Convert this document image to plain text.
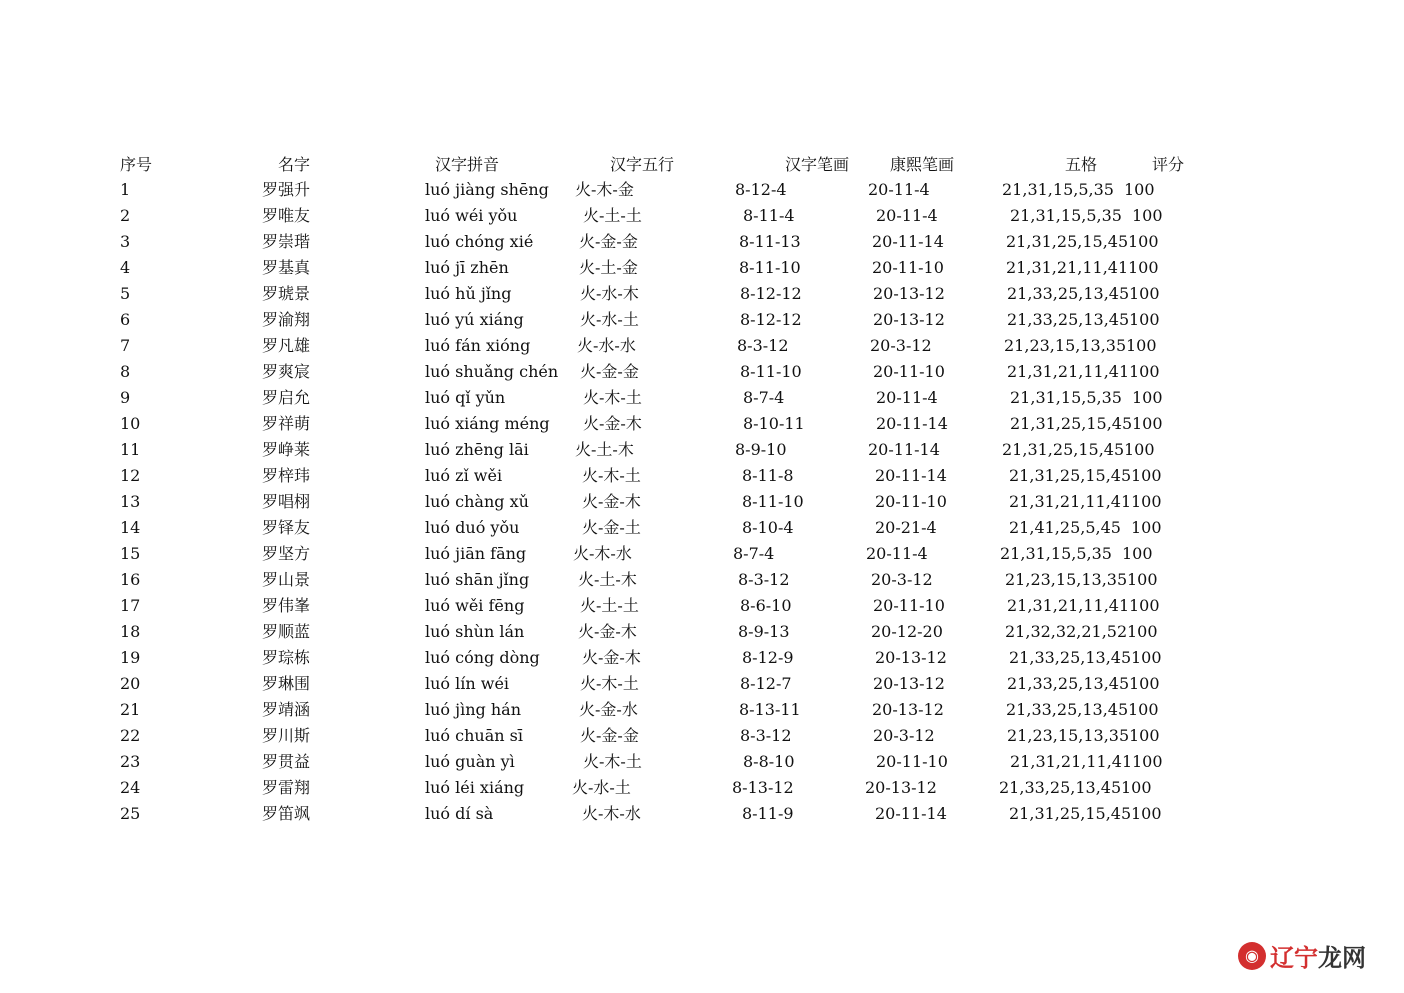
序号	名字	汉字拼音	汉字五行	汉字笔画	康熙笔画	五格	评分
1	罗强升	luó jiàng shēng 火-木-金	8-12-4	20-11-4	21,31,15,5,35 100
2	罗唯友	luó wéi yǒu	火-土-土	8-11-4	20-11-4	21,31,15,5,35 100
3	罗崇瑎	luó chóng xié	火-金-金	8-11-13	20-11-14	21,31,25,15,45 100
4	罗基真	luó jī zhēn	火-土-金	8-11-10	20-11-10	21,31,21,11,41 100
5	罗琥景	luó hǔ jǐng	火-水-木	8-12-12	20-13-12	21,33,25,13,45 100
6	罗渝翔	luó yú xiáng	火-水-土	8-12-12	20-13-12	21,33,25,13,45 100
7	罗凡雄	luó fán xióng	火-水-水	8-3-12	20-3-12	21,23,15,13,35 100
8	罗爽宸	luó shuǎng chén 火-金-金	8-11-10	20-11-10	21,31,21,11,41 100
9	罗启允	luó qǐ yǔn	火-木-土	8-7-4	20-11-4	21,31,15,5,35 100
10	罗祥萌	luó xiáng méng 火-金-木	8-10-11	20-11-14	21,31,25,15,45 100
11	罗峥莱	luó zhēng lāi	火-土-木	8-9-10	20-11-14	21,31,25,15,45 100
12	罗梓玮	luó zǐ wěi	火-木-土	8-11-8	20-11-14	21,31,25,15,45 100
13	罗唱栩	luó chàng xǔ	火-金-木	8-11-10	20-11-10	21,31,21,11,41 100
14	罗铎友	luó duó yǒu	火-金-土	8-10-4	20-21-4	21,41,25,5,45 100
15	罗坚方	luó jiān fāng	火-木-水	8-7-4	20-11-4	21,31,15,5,35 100
16	罗山景	luó shān jǐng	火-土-木	8-3-12	20-3-12	21,23,15,13,35 100
17	罗伟峯	luó wěi fēng	火-土-土	8-6-10	20-11-10	21,31,21,11,41 100
18	罗顺蓝	luó shùn lán	火-金-木	8-9-13	20-12-20	21,32,32,21,52 100
19	罗琮栋	luó cóng dòng	火-金-木	8-12-9	20-13-12	21,33,25,13,45 100
20	罗琳围	luó lín wéi	火-木-土	8-12-7	20-13-12	21,33,25,13,45 100
21	罗靖涵	luó jìng hán	火-金-水	8-13-11	20-13-12	21,33,25,13,45 100
22	罗川斯	luó chuān sī	火-金-金	8-3-12	20-3-12	21,23,15,13,35 100
23	罗贯益	luó guàn yì	火-木-土	8-8-10	20-11-10	21,31,21,11,41 100
24	罗雷翔	luó léi xiáng	火-水-土	8-13-12	20-13-12	21,33,25,13,45 100
25	罗笛飒	luó dí sà	火-木-水	8-11-9	20-11-14	21,31,25,15,45 100
◉ 辽宁 龙网
